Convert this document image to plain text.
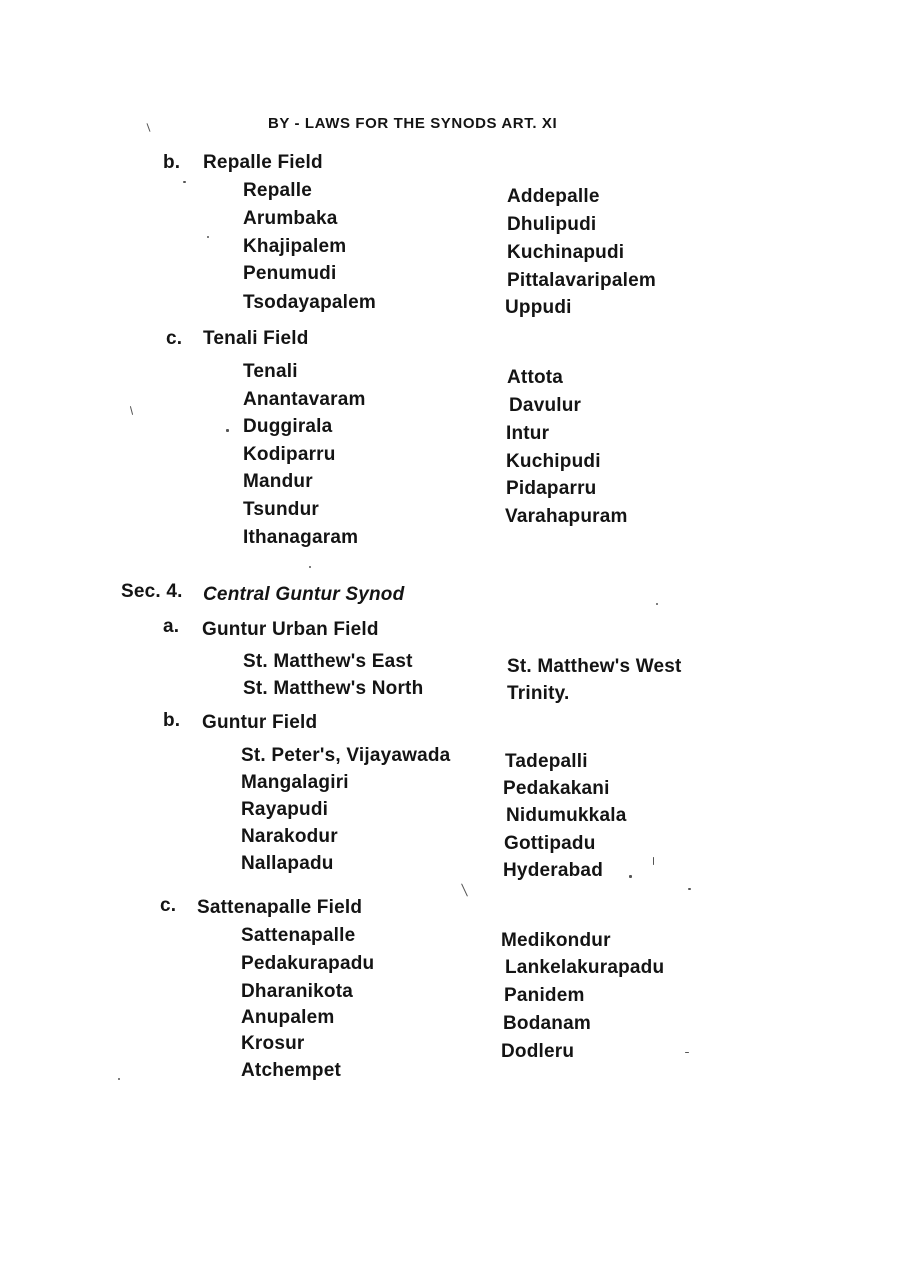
BY - LAWS FOR THE SYNODS ART. XI
b. Repalle Field
Repalle
Arumbaka
Khajipalem
Penumudi
Tsodayapalem
Addepalle
Dhulipudi
Kuchinapudi
Pittalavaripalem
Uppudi
c. Tenali Field
Tenali
Anantavaram
Duggirala
Kodiparru
Mandur
Tsundur
Ithanagaram
Attota
Davulur
Intur
Kuchipudi
Pidaparru
Varahapuram
Sec. 4. Central Guntur Synod
a. Guntur Urban Field
St. Matthew's East
St. Matthew's North
St. Matthew's West
Trinity.
b. Guntur Field
St. Peter's, Vijayawada
Mangalagiri
Rayapudi
Narakodur
Nallapadu
Tadepalli
Pedakakani
Nidumukkala
Gottipadu
Hyderabad
c. Sattenapalle Field
Sattenapalle
Pedakurapadu
Dharanikota
Anupalem
Krosur
Atchempet
Medikondur
Lankelakurapadu
Panidem
Bodanam
Dodleru
